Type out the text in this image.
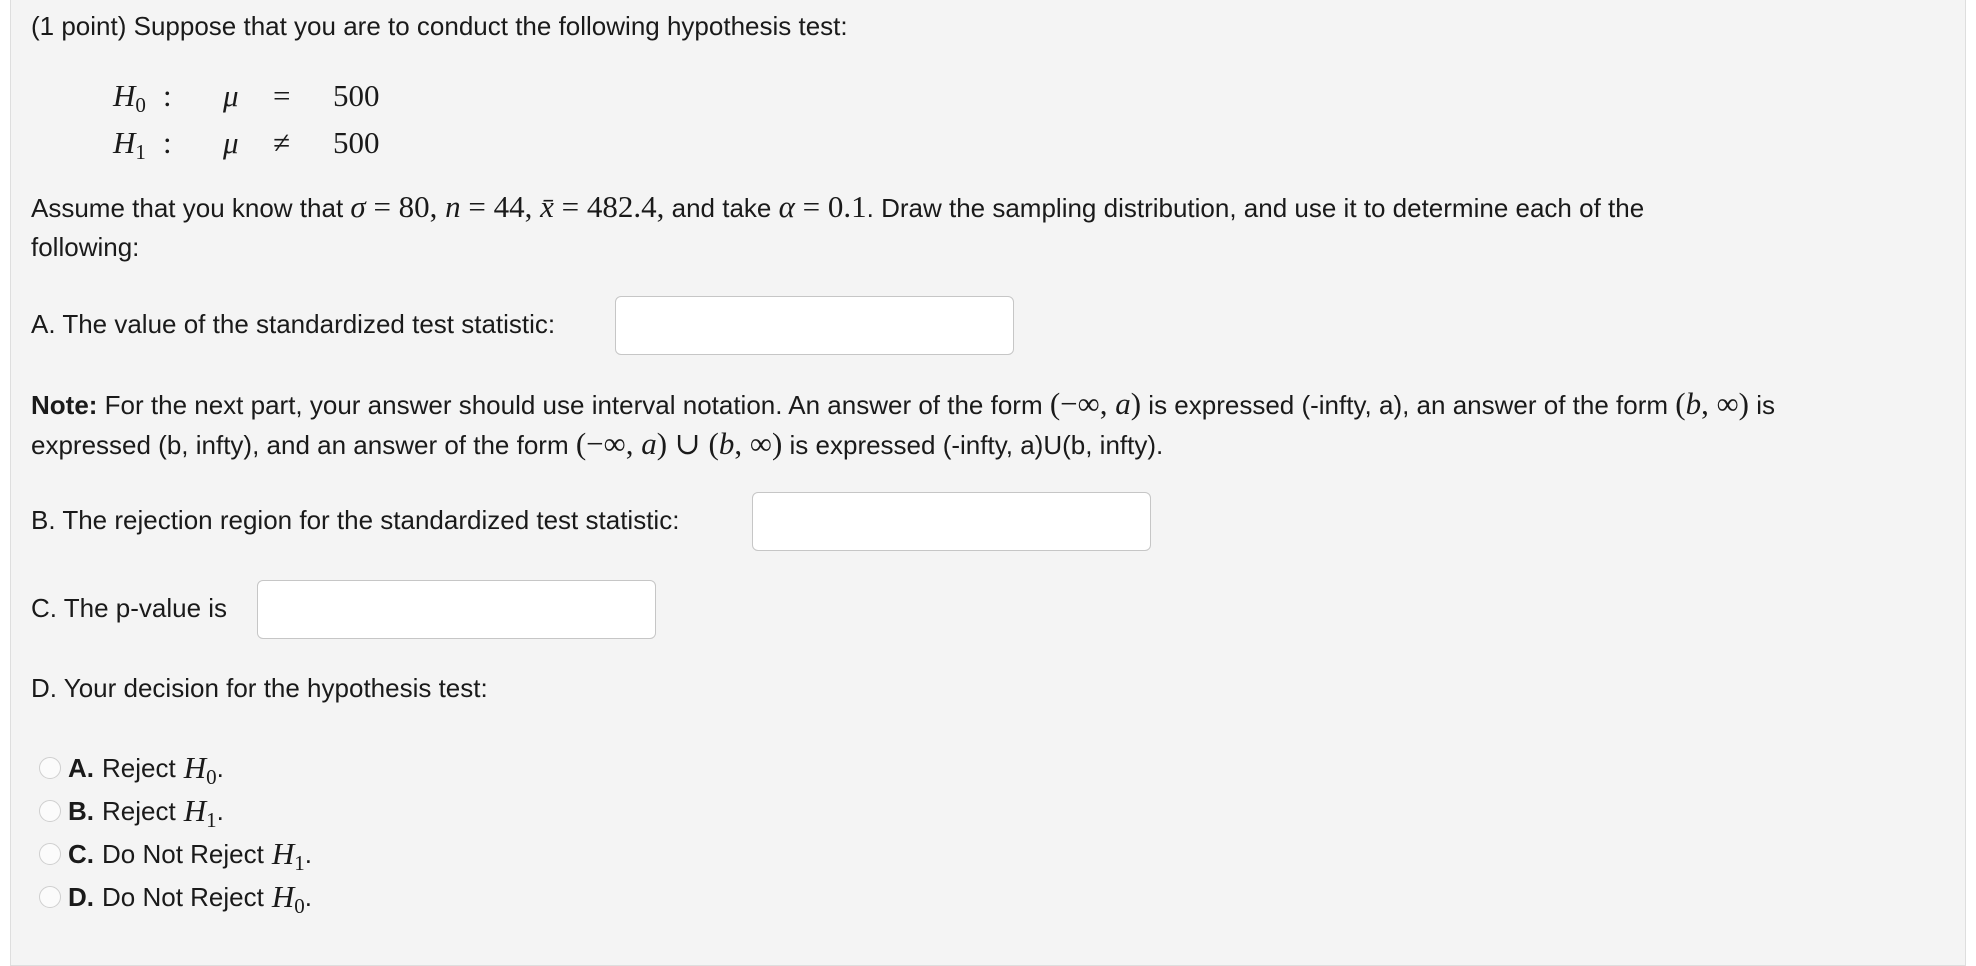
(1 point) Suppose that you are to conduct the following hypothesis test:
$H_0$ : μ = 500
$H_1$ : μ ≠ 500
Assume that you know that σ = 80, n = 44, x̄ = 482.4, and take α = 0.1. Draw the sampling distribution, and use it to determine each of the
following:
A. The value of the standardized test statistic:
Note: For the next part, your answer should use interval notation. An answer of the form (−∞, a) is expressed (-infty, a), an answer of the form (b, ∞) is
expressed (b, infty), and an answer of the form (−∞, a) ∪ (b, ∞) is expressed (-infty, a)U(b, infty).
B. The rejection region for the standardized test statistic:
C. The p-value is
D. Your decision for the hypothesis test:
A. Reject $H_0$ .
B. Reject $H_1$ .
C. Do Not Reject $H_1$ .
D. Do Not Reject $H_0$ .
